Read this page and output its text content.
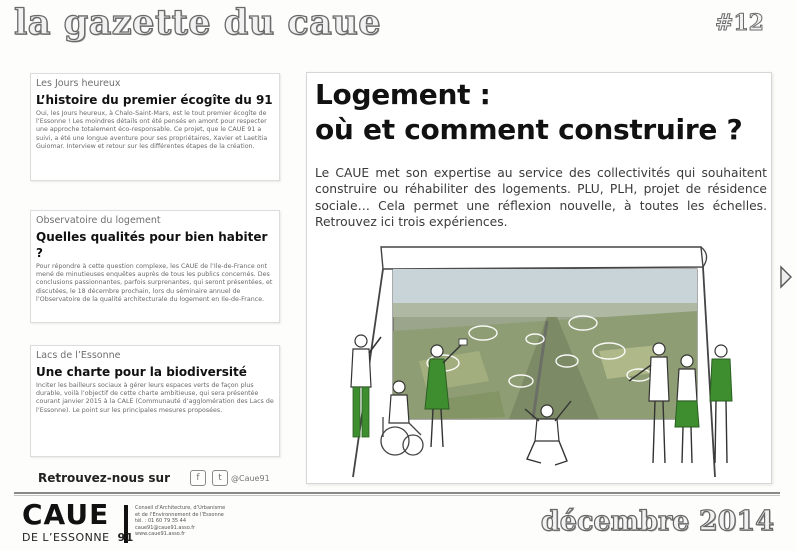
la gazette du caue	#12
Les Jours heureux
L’histoire du premier écogîte du 91
Oui, les Jours heureux, à Chalo-Saint-Mars, est le tout premier écogîte de l’Essonne ! Les moindres détails ont été pensés en amont pour respecter une approche totalement éco-responsable. Ce projet, que le CAUE 91 a suivi, a été une longue aventure pour ses propriétaires, Xavier et Laetitia Guiomar. Interview et retour sur les différentes étapes de la création.
Observatoire du logement
Quelles qualités pour bien habiter ?
Pour répondre à cette question complexe, les CAUE de l’Ile-de-France ont mené de minutieuses enquêtes auprès de tous les publics concernés. Des conclusions passionnantes, parfois surprenantes, qui seront présentées, et discutées, le 18 décembre prochain, lors du séminaire annuel de l’Observatoire de la qualité architecturale du logement en Ile-de-France.
Lacs de l’Essonne
Une charte pour la biodiversité
Inciter les bailleurs sociaux à gérer leurs espaces verts de façon plus durable, voilà l’objectif de cette charte ambitieuse, qui sera présentée courant janvier 2015 à la CALE (Communauté d’agglomération des Lacs de l’Essonne). Le point sur les principales mesures proposées.
Retrouvez-nous sur	f	t	@Caue91
Logement :
où et comment construire ?
Le CAUE met son expertise au service des collectivités qui souhaitent construire ou réhabiliter des logements. PLU, PLH, projet de résidence sociale… Cela permet une réflexion nouvelle, à toutes les échelles. Retrouvez ici trois expériences.
CAUE
DE L’ESSONNE 91
Conseil d’Architecture, d’Urbanisme
et de l’Environnement de l’Essonne
tél. : 01 60 79 35 44
caue91@caue91.asso.fr
www.caue91.asso.fr	décembre 2014
